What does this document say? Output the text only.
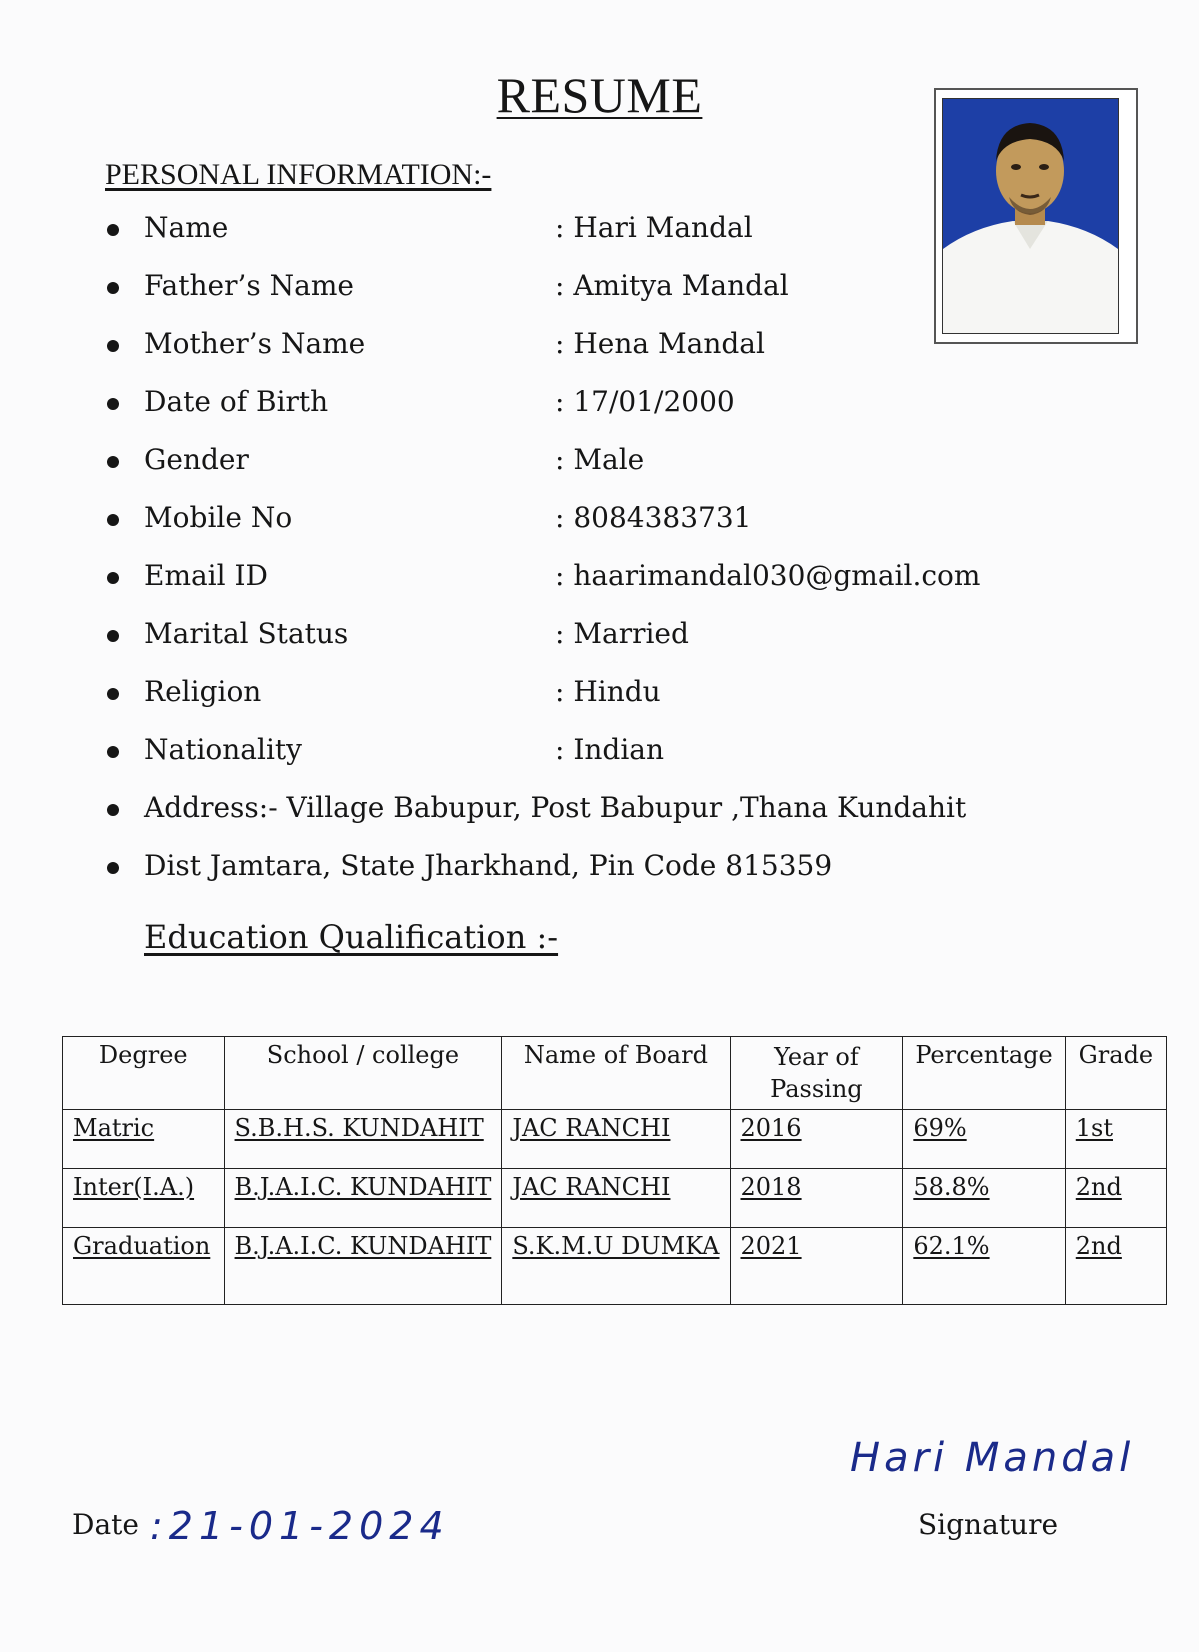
RESUME
PERSONAL INFORMATION:-
Name	: Hari Mandal
Father’s Name	: Amitya Mandal
Mother’s Name	: Hena Mandal
Date of Birth	: 17/01/2000
Gender	: Male
Mobile No	: 8084383731
Email ID	: haarimandal030@gmail.com
Marital Status	: Married
Religion	: Hindu
Nationality	: Indian
Address:- Village Babupur, Post Babupur ,Thana Kundahit
Dist Jamtara, State Jharkhand, Pin Code 815359
Education Qualification :-
Degree	School / college	Name of Board	Year of Passing	Percentage	Grade
Matric	S.B.H.S. KUNDAHIT	JAC RANCHI	2016	69%	1st
Inter(I.A.)	B.J.A.I.C. KUNDAHIT	JAC RANCHI	2018	58.8%	2nd
Graduation	B.J.A.I.C. KUNDAHIT	S.K.M.U DUMKA	2021	62.1%	2nd
Date :21-01-2024
Hari Mandal
Signature
